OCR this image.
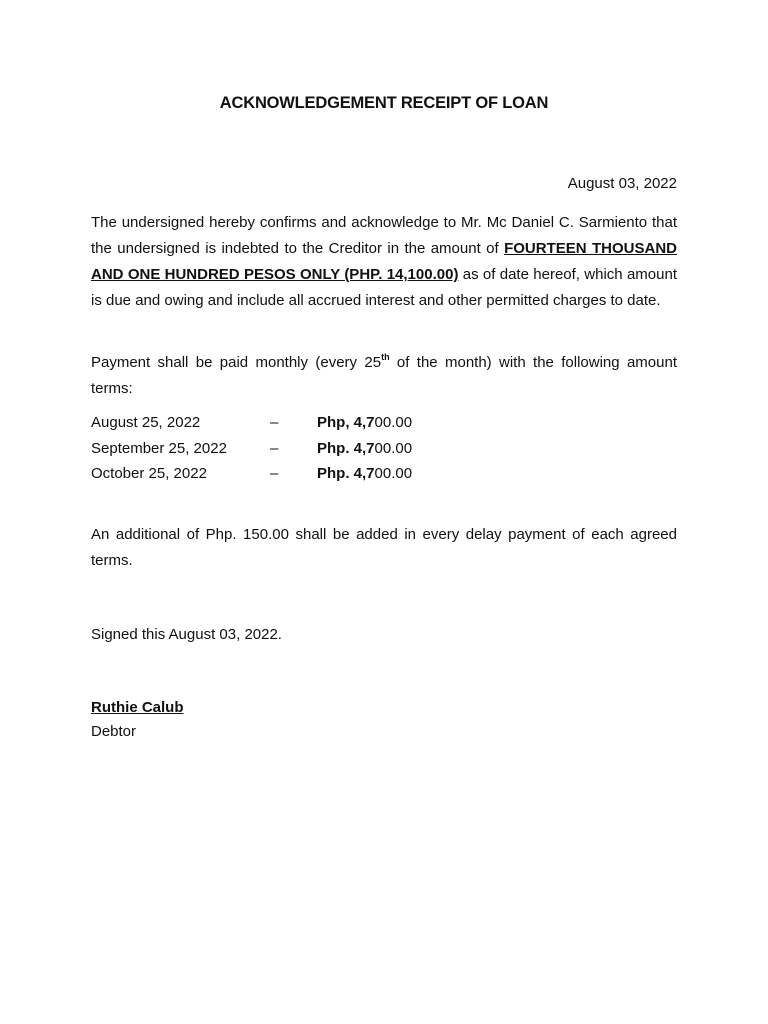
ACKNOWLEDGEMENT RECEIPT OF LOAN
August 03, 2022
The undersigned hereby confirms and acknowledge to Mr. Mc Daniel C. Sarmiento that the undersigned is indebted to the Creditor in the amount of FOURTEEN THOUSAND AND ONE HUNDRED PESOS ONLY (PHP. 14,100.00) as of date hereof, which amount is due and owing and include all accrued interest and other permitted charges to date.
Payment shall be paid monthly (every 25th of the month) with the following amount terms:
August 25, 2022	–	Php, 4,700.00
September 25, 2022	–	Php. 4,700.00
October 25, 2022	–	Php. 4,700.00
An additional of Php. 150.00 shall be added in every delay payment of each agreed terms.
Signed this August 03, 2022.
Ruthie Calub
Debtor
